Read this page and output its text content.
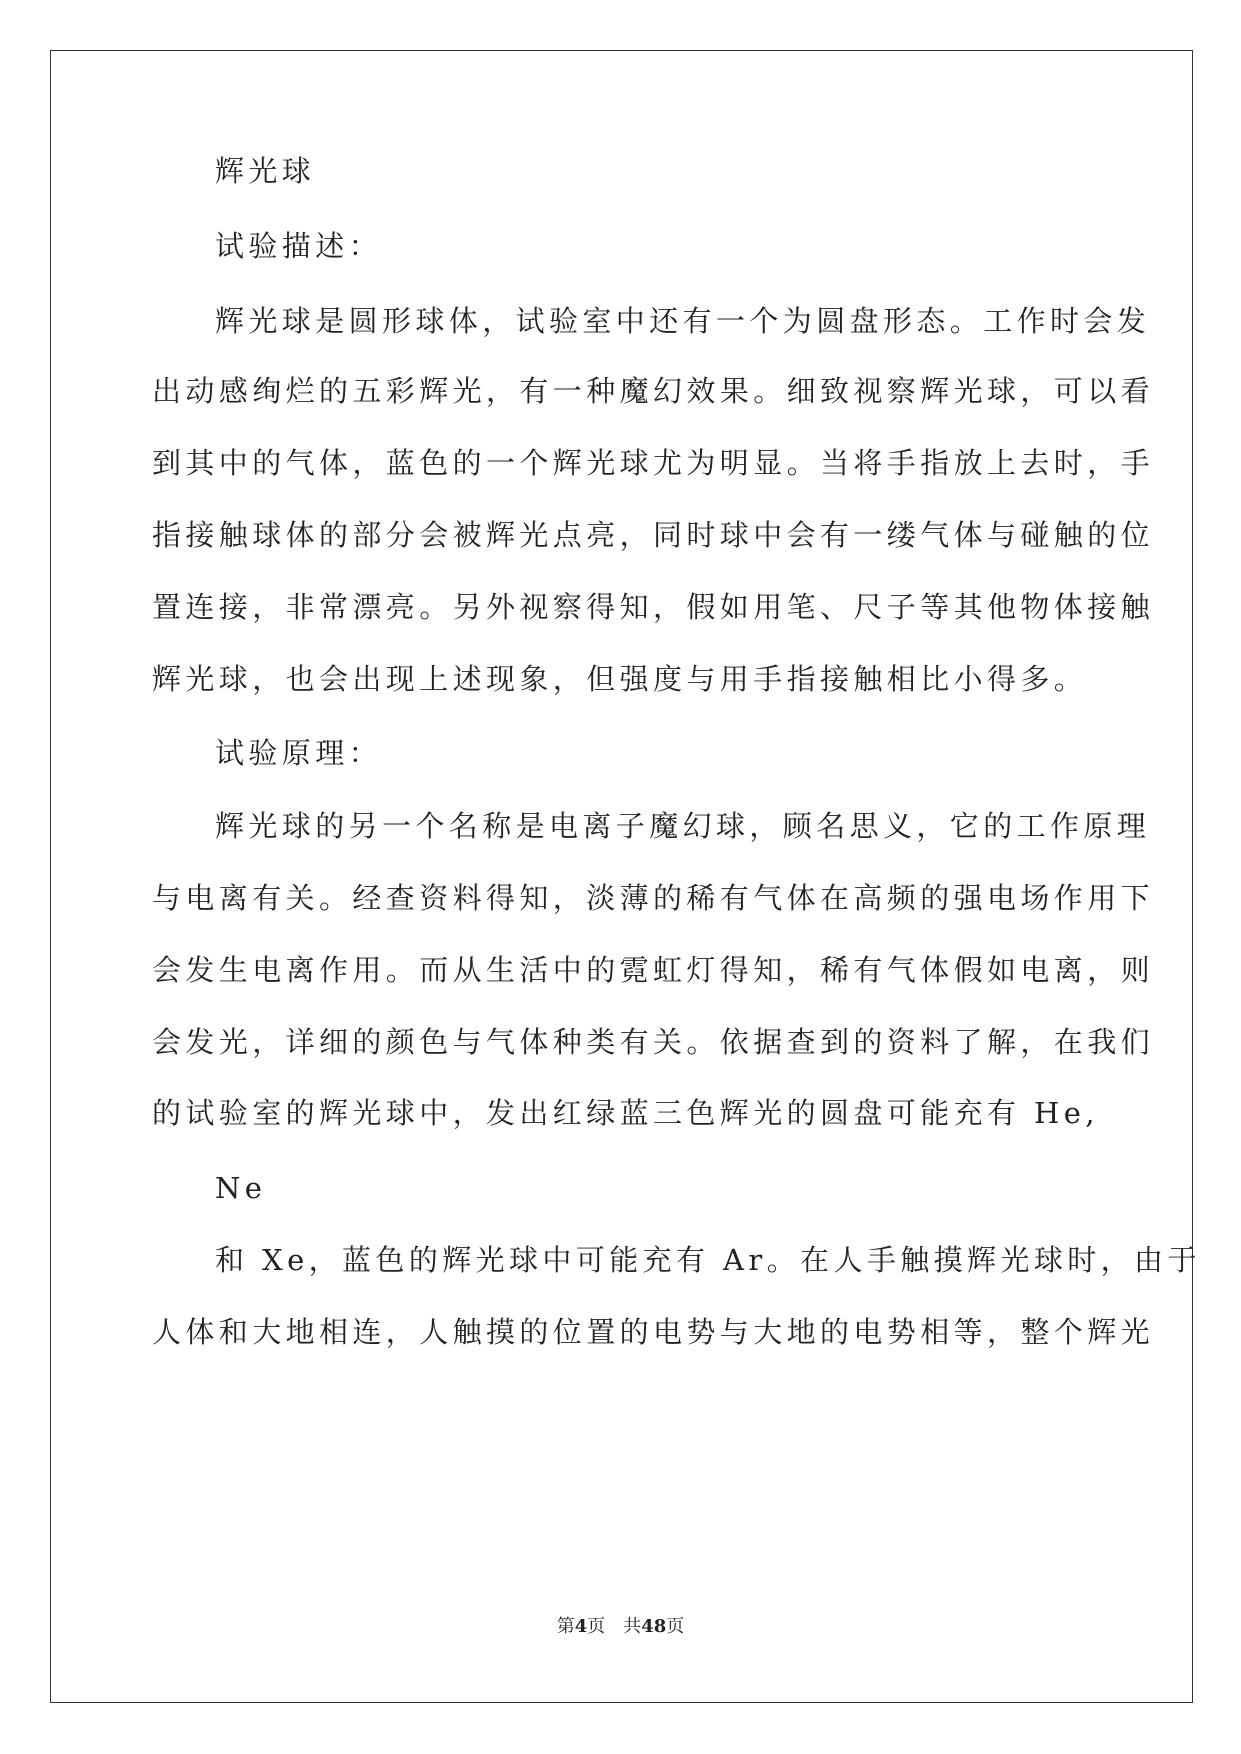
辉光球
试验描述：
辉光球是圆形球体，试验室中还有一个为圆盘形态。工作时会发
出动感绚烂的五彩辉光，有一种魔幻效果。细致视察辉光球，可以看
到其中的气体，蓝色的一个辉光球尤为明显。当将手指放上去时，手
指接触球体的部分会被辉光点亮，同时球中会有一缕气体与碰触的位
置连接，非常漂亮。另外视察得知，假如用笔、尺子等其他物体接触
辉光球，也会出现上述现象，但强度与用手指接触相比小得多。
试验原理：
辉光球的另一个名称是电离子魔幻球，顾名思义，它的工作原理
与电离有关。经查资料得知，淡薄的稀有气体在高频的强电场作用下
会发生电离作用。而从生活中的霓虹灯得知，稀有气体假如电离，则
会发光，详细的颜色与气体种类有关。依据查到的资料了解，在我们
的试验室的辉光球中，发出红绿蓝三色辉光的圆盘可能充有 He,
Ne
和 Xe，蓝色的辉光球中可能充有 Ar。在人手触摸辉光球时，由于
人体和大地相连，人触摸的位置的电势与大地的电势相等，整个辉光
第4页　共48页
